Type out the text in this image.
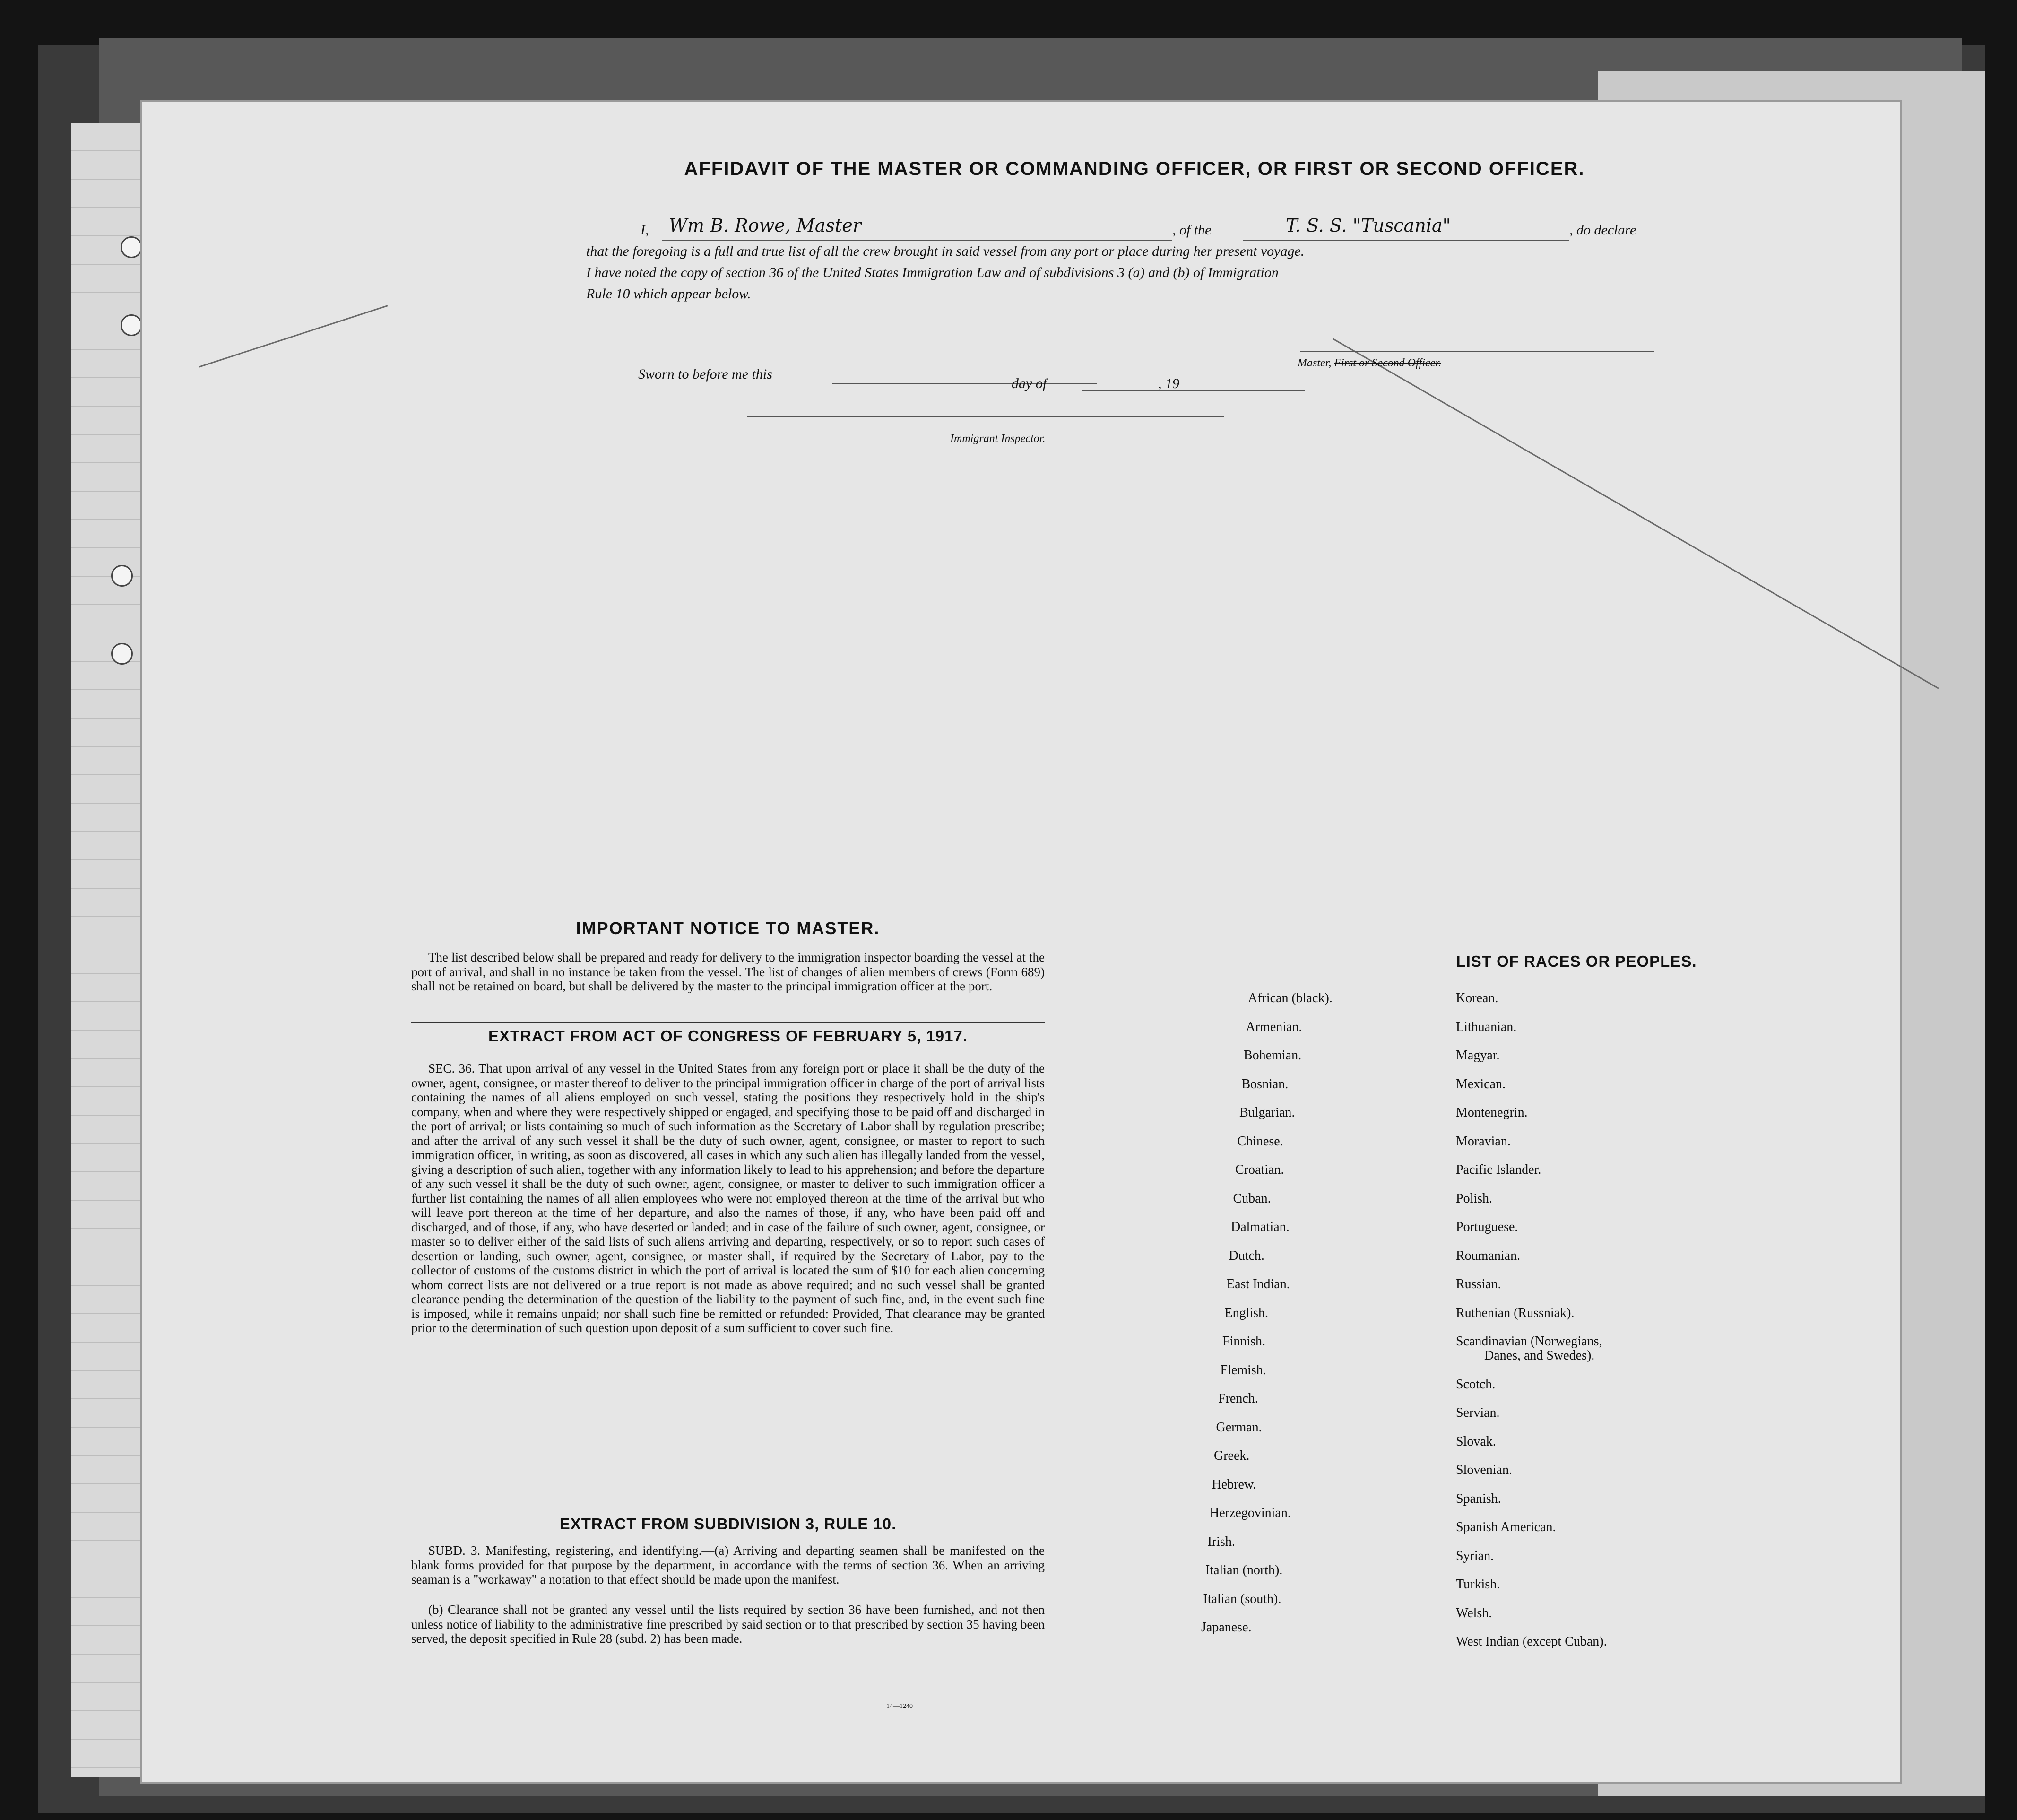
AFFIDAVIT OF THE MASTER OR COMMANDING OFFICER, OR FIRST OR SECOND OFFICER.
I, Wm B. Rowe, Master	, of the	T. S. S. "Tuscania"	, do declare
that the foregoing is a full and true list of all the crew brought in said vessel from any port or place during her present voyage.
I have noted the copy of section 36 of the United States Immigration Law and of subdivisions 3 (a) and (b) of Immigration
Rule 10 which appear below.
Master, First or Second Officer.
Sworn to before me this
day of	, 19
Immigrant Inspector.
IMPORTANT NOTICE TO MASTER.
The list described below shall be prepared and ready for delivery to the immigration inspector boarding the vessel at the port of arrival, and shall in no instance be taken from the vessel. The list of changes of alien members of crews (Form 689) shall not be retained on board, but shall be delivered by the master to the principal immigration officer at the port.
EXTRACT FROM ACT OF CONGRESS OF FEBRUARY 5, 1917.
SEC. 36. That upon arrival of any vessel in the United States from any foreign port or place it shall be the duty of the owner, agent, consignee, or master thereof to deliver to the principal immigration officer in charge of the port of arrival lists containing the names of all aliens employed on such vessel, stating the positions they respectively hold in the ship's company, when and where they were respectively shipped or engaged, and specifying those to be paid off and discharged in the port of arrival; or lists containing so much of such information as the Secretary of Labor shall by regulation prescribe; and after the arrival of any such vessel it shall be the duty of such owner, agent, consignee, or master to report to such immigration officer, in writing, as soon as discovered, all cases in which any such alien has illegally landed from the vessel, giving a description of such alien, together with any information likely to lead to his apprehension; and before the departure of any such vessel it shall be the duty of such owner, agent, consignee, or master to deliver to such immigration officer a further list containing the names of all alien employees who were not employed thereon at the time of the arrival but who will leave port thereon at the time of her departure, and also the names of those, if any, who have been paid off and discharged, and of those, if any, who have deserted or landed; and in case of the failure of such owner, agent, consignee, or master so to deliver either of the said lists of such aliens arriving and departing, respectively, or so to report such cases of desertion or landing, such owner, agent, consignee, or master shall, if required by the Secretary of Labor, pay to the collector of customs of the customs district in which the port of arrival is located the sum of $10 for each alien concerning whom correct lists are not delivered or a true report is not made as above required; and no such vessel shall be granted clearance pending the determination of the question of the liability to the payment of such fine, and, in the event such fine is imposed, while it remains unpaid; nor shall such fine be remitted or refunded: Provided, That clearance may be granted prior to the determination of such question upon deposit of a sum sufficient to cover such fine.
EXTRACT FROM SUBDIVISION 3, RULE 10.
SUBD. 3. Manifesting, registering, and identifying.—(a) Arriving and departing seamen shall be manifested on the blank forms provided for that purpose by the department, in accordance with the terms of section 36. When an arriving seaman is a "workaway" a notation to that effect should be made upon the manifest.
(b) Clearance shall not be granted any vessel until the lists required by section 36 have been furnished, and not then unless notice of liability to the administrative fine prescribed by said section or to that prescribed by section 35 having been served, the deposit specified in Rule 28 (subd. 2) has been made.
14—1240
LIST OF RACES OR PEOPLES.
African (black).
Armenian.
Bohemian.
Bosnian.
Bulgarian.
Chinese.
Croatian.
Cuban.
Dalmatian.
Dutch.
East Indian.
English.
Finnish.
Flemish.
French.
German.
Greek.
Hebrew.
Herzegovinian.
Irish.
Italian (north).
Italian (south).
Japanese.
Korean.
Lithuanian.
Magyar.
Mexican.
Montenegrin.
Moravian.
Pacific Islander.
Polish.
Portuguese.
Roumanian.
Russian.
Ruthenian (Russniak).
Scandinavian (Norwegians,
Danes, and Swedes).
Scotch.
Servian.
Slovak.
Slovenian.
Spanish.
Spanish American.
Syrian.
Turkish.
Welsh.
West Indian (except Cuban).
